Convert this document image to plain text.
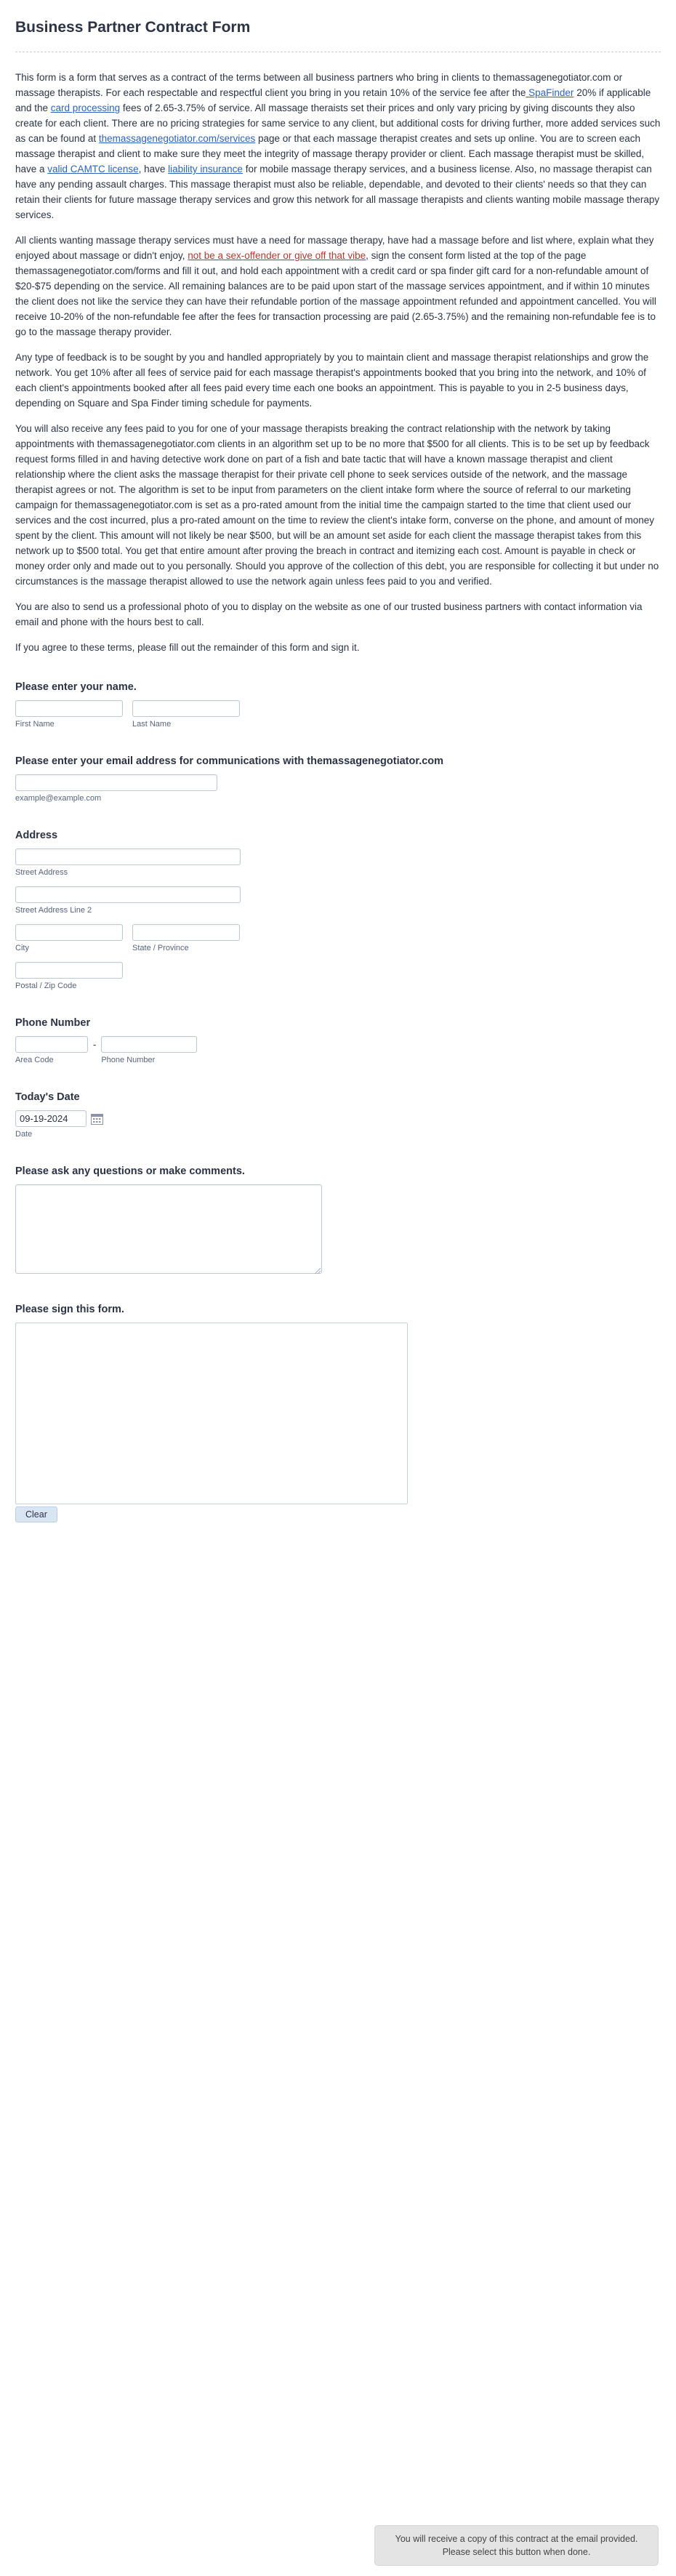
Business Partner Contract Form

This form is a form that serves as a contract of the terms between all business partners who bring in clients to themassagenegotiator.com or massage therapists. For each respectable and respectful client you bring in you retain 10% of the service fee after the SpaFinder 20% if applicable and the card processing fees of 2.65-3.75% of service. All massage theraists set their prices and only vary pricing by giving discounts they also create for each client. There are no pricing strategies for same service to any client, but additional costs for driving further, more added services such as can be found at themassagenegotiator.com/services page or that each massage therapist creates and sets up online. You are to screen each massage therapist and client to make sure they meet the integrity of massage therapy provider or client. Each massage therapist must be skilled, have a valid CAMTC license, have liability insurance for mobile massage therapy services, and a business license. Also, no massage therapist can have any pending assault charges. This massage therapist must also be reliable, dependable, and devoted to their clients' needs so that they can retain their clients for future massage therapy services and grow this network for all massage therapists and clients wanting mobile massage therapy services.

All clients wanting massage therapy services must have a need for massage therapy, have had a massage before and list where, explain what they enjoyed about massage or didn't enjoy, not be a sex-offender or give off that vibe, sign the consent form listed at the top of the page themassagenegotiator.com/forms and fill it out, and hold each appointment with a credit card or spa finder gift card for a non-refundable amount of $20-$75 depending on the service. All remaining balances are to be paid upon start of the massage services appointment, and if within 10 minutes the client does not like the service they can have their refundable portion of the massage appointment refunded and appointment cancelled. You will receive 10-20% of the non-refundable fee after the fees for transaction processing are paid (2.65-3.75%) and the remaining non-refundable fee is to go to the massage therapy provider.

Any type of feedback is to be sought by you and handled appropriately by you to maintain client and massage therapist relationships and grow the network. You get 10% after all fees of service paid for each massage therapist's appointments booked that you bring into the network, and 10% of each client's appointments booked after all fees paid every time each one books an appointment. This is payable to you in 2-5 business days, depending on Square and Spa Finder timing schedule for payments.

You will also receive any fees paid to you for one of your massage therapists breaking the contract relationship with the network by taking appointments with themassagenegotiator.com clients in an algorithm set up to be no more that $500 for all clients. This is to be set up by feedback request forms filled in and having detective work done on part of a fish and bate tactic that will have a known massage therapist and client relationship where the client asks the massage therapist for their private cell phone to seek services outside of the network, and the massage therapist agrees or not. The algorithm is set to be input from parameters on the client intake form where the source of referral to our marketing campaign for themassagenegotiator.com is set as a pro-rated amount from the initial time the campaign started to the time that client used our services and the cost incurred, plus a pro-rated amount on the time to review the client's intake form, converse on the phone, and amount of money spent by the client. This amount will not likely be near $500, but will be an amount set aside for each client the massage therapist takes from this network up to $500 total. You get that entire amount after proving the breach in contract and itemizing each cost. Amount is payable in check or money order only and made out to you personally. Should you approve of the collection of this debt, you are responsible for collecting it but under no circumstances is the massage therapist allowed to use the network again unless fees paid to you and verified.

You are also to send us a professional photo of you to display on the website as one of our trusted business partners with contact information via email and phone with the hours best to call.

If you agree to these terms, please fill out the remainder of this form and sign it.

Please enter your name.
First Name	Last Name
Please enter your email address for communications with themassagenegotiator.com
example@example.com
Address
Street Address
Street Address Line 2
City	State / Province
Postal / Zip Code
Phone Number
Area Code
-
Phone Number
Today's Date
09-19-2024
Date
Please ask any questions or make comments.
Please sign this form.
Clear
You will receive a copy of this contract at the email provided. Please select this button when done.
